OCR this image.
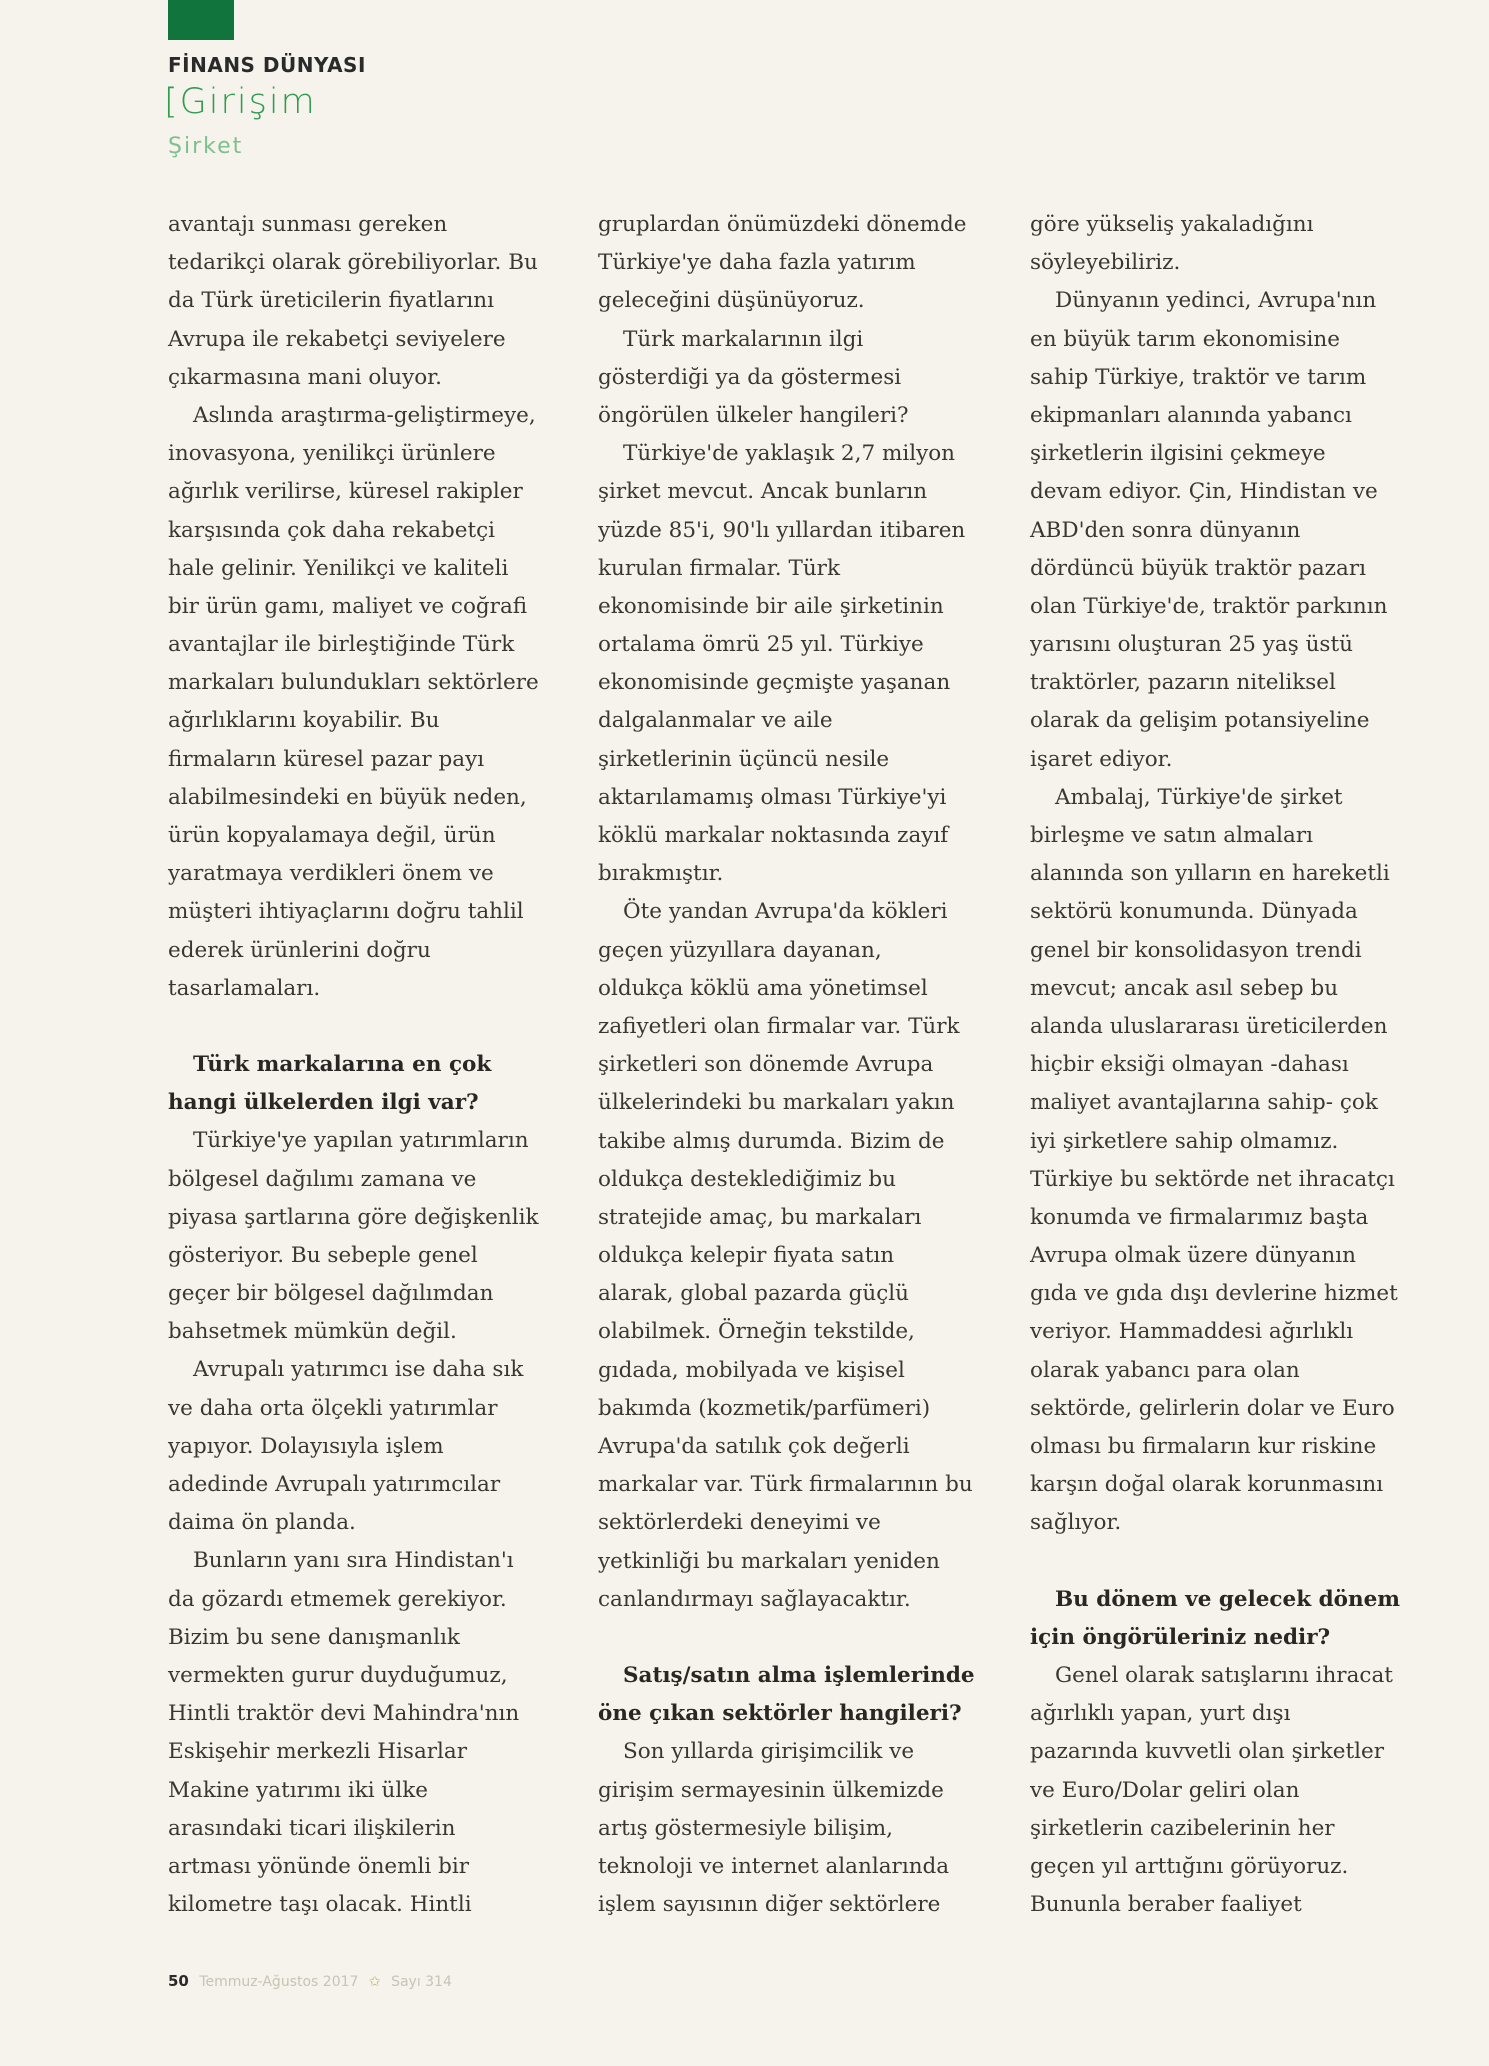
FİNANS DÜNYASI
[Girişim
Şirket
avantajı sunması gereken
tedarikçi olarak görebiliyorlar. Bu
da Türk üreticilerin fiyatlarını
Avrupa ile rekabetçi seviyelere
çıkarmasına mani oluyor.
Aslında araştırma-geliştirmeye,
inovasyona, yenilikçi ürünlere
ağırlık verilirse, küresel rakipler
karşısında çok daha rekabetçi
hale gelinir. Yenilikçi ve kaliteli
bir ürün gamı, maliyet ve coğrafi
avantajlar ile birleştiğinde Türk
markaları bulundukları sektörlere
ağırlıklarını koyabilir. Bu
firmaların küresel pazar payı
alabilmesindeki en büyük neden,
ürün kopyalamaya değil, ürün
yaratmaya verdikleri önem ve
müşteri ihtiyaçlarını doğru tahlil
ederek ürünlerini doğru
tasarlamaları.
Türk markalarına en çok
hangi ülkelerden ilgi var?
Türkiye'ye yapılan yatırımların
bölgesel dağılımı zamana ve
piyasa şartlarına göre değişkenlik
gösteriyor. Bu sebeple genel
geçer bir bölgesel dağılımdan
bahsetmek mümkün değil.
Avrupalı yatırımcı ise daha sık
ve daha orta ölçekli yatırımlar
yapıyor. Dolayısıyla işlem
adedinde Avrupalı yatırımcılar
daima ön planda.
Bunların yanı sıra Hindistan'ı
da gözardı etmemek gerekiyor.
Bizim bu sene danışmanlık
vermekten gurur duyduğumuz,
Hintli traktör devi Mahindra'nın
Eskişehir merkezli Hisarlar
Makine yatırımı iki ülke
arasındaki ticari ilişkilerin
artması yönünde önemli bir
kilometre taşı olacak. Hintli
gruplardan önümüzdeki dönemde
Türkiye'ye daha fazla yatırım
geleceğini düşünüyoruz.
Türk markalarının ilgi
gösterdiği ya da göstermesi
öngörülen ülkeler hangileri?
Türkiye'de yaklaşık 2,7 milyon
şirket mevcut. Ancak bunların
yüzde 85'i, 90'lı yıllardan itibaren
kurulan firmalar. Türk
ekonomisinde bir aile şirketinin
ortalama ömrü 25 yıl. Türkiye
ekonomisinde geçmişte yaşanan
dalgalanmalar ve aile
şirketlerinin üçüncü nesile
aktarılamamış olması Türkiye'yi
köklü markalar noktasında zayıf
bırakmıştır.
Öte yandan Avrupa'da kökleri
geçen yüzyıllara dayanan,
oldukça köklü ama yönetimsel
zafiyetleri olan firmalar var. Türk
şirketleri son dönemde Avrupa
ülkelerindeki bu markaları yakın
takibe almış durumda. Bizim de
oldukça desteklediğimiz bu
stratejide amaç, bu markaları
oldukça kelepir fiyata satın
alarak, global pazarda güçlü
olabilmek. Örneğin tekstilde,
gıdada, mobilyada ve kişisel
bakımda (kozmetik/parfümeri)
Avrupa'da satılık çok değerli
markalar var. Türk firmalarının bu
sektörlerdeki deneyimi ve
yetkinliği bu markaları yeniden
canlandırmayı sağlayacaktır.
Satış/satın alma işlemlerinde
öne çıkan sektörler hangileri?
Son yıllarda girişimcilik ve
girişim sermayesinin ülkemizde
artış göstermesiyle bilişim,
teknoloji ve internet alanlarında
işlem sayısının diğer sektörlere
göre yükseliş yakaladığını
söyleyebiliriz.
Dünyanın yedinci, Avrupa'nın
en büyük tarım ekonomisine
sahip Türkiye, traktör ve tarım
ekipmanları alanında yabancı
şirketlerin ilgisini çekmeye
devam ediyor. Çin, Hindistan ve
ABD'den sonra dünyanın
dördüncü büyük traktör pazarı
olan Türkiye'de, traktör parkının
yarısını oluşturan 25 yaş üstü
traktörler, pazarın niteliksel
olarak da gelişim potansiyeline
işaret ediyor.
Ambalaj, Türkiye'de şirket
birleşme ve satın almaları
alanında son yılların en hareketli
sektörü konumunda. Dünyada
genel bir konsolidasyon trendi
mevcut; ancak asıl sebep bu
alanda uluslararası üreticilerden
hiçbir eksiği olmayan -dahası
maliyet avantajlarına sahip- çok
iyi şirketlere sahip olmamız.
Türkiye bu sektörde net ihracatçı
konumda ve firmalarımız başta
Avrupa olmak üzere dünyanın
gıda ve gıda dışı devlerine hizmet
veriyor. Hammaddesi ağırlıklı
olarak yabancı para olan
sektörde, gelirlerin dolar ve Euro
olması bu firmaların kur riskine
karşın doğal olarak korunmasını
sağlıyor.
Bu dönem ve gelecek dönem
için öngörüleriniz nedir?
Genel olarak satışlarını ihracat
ağırlıklı yapan, yurt dışı
pazarında kuvvetli olan şirketler
ve Euro/Dolar geliri olan
şirketlerin cazibelerinin her
geçen yıl arttığını görüyoruz.
Bununla beraber faaliyet
50 Temmuz-Ağustos 2017 ✩ Sayı 314
